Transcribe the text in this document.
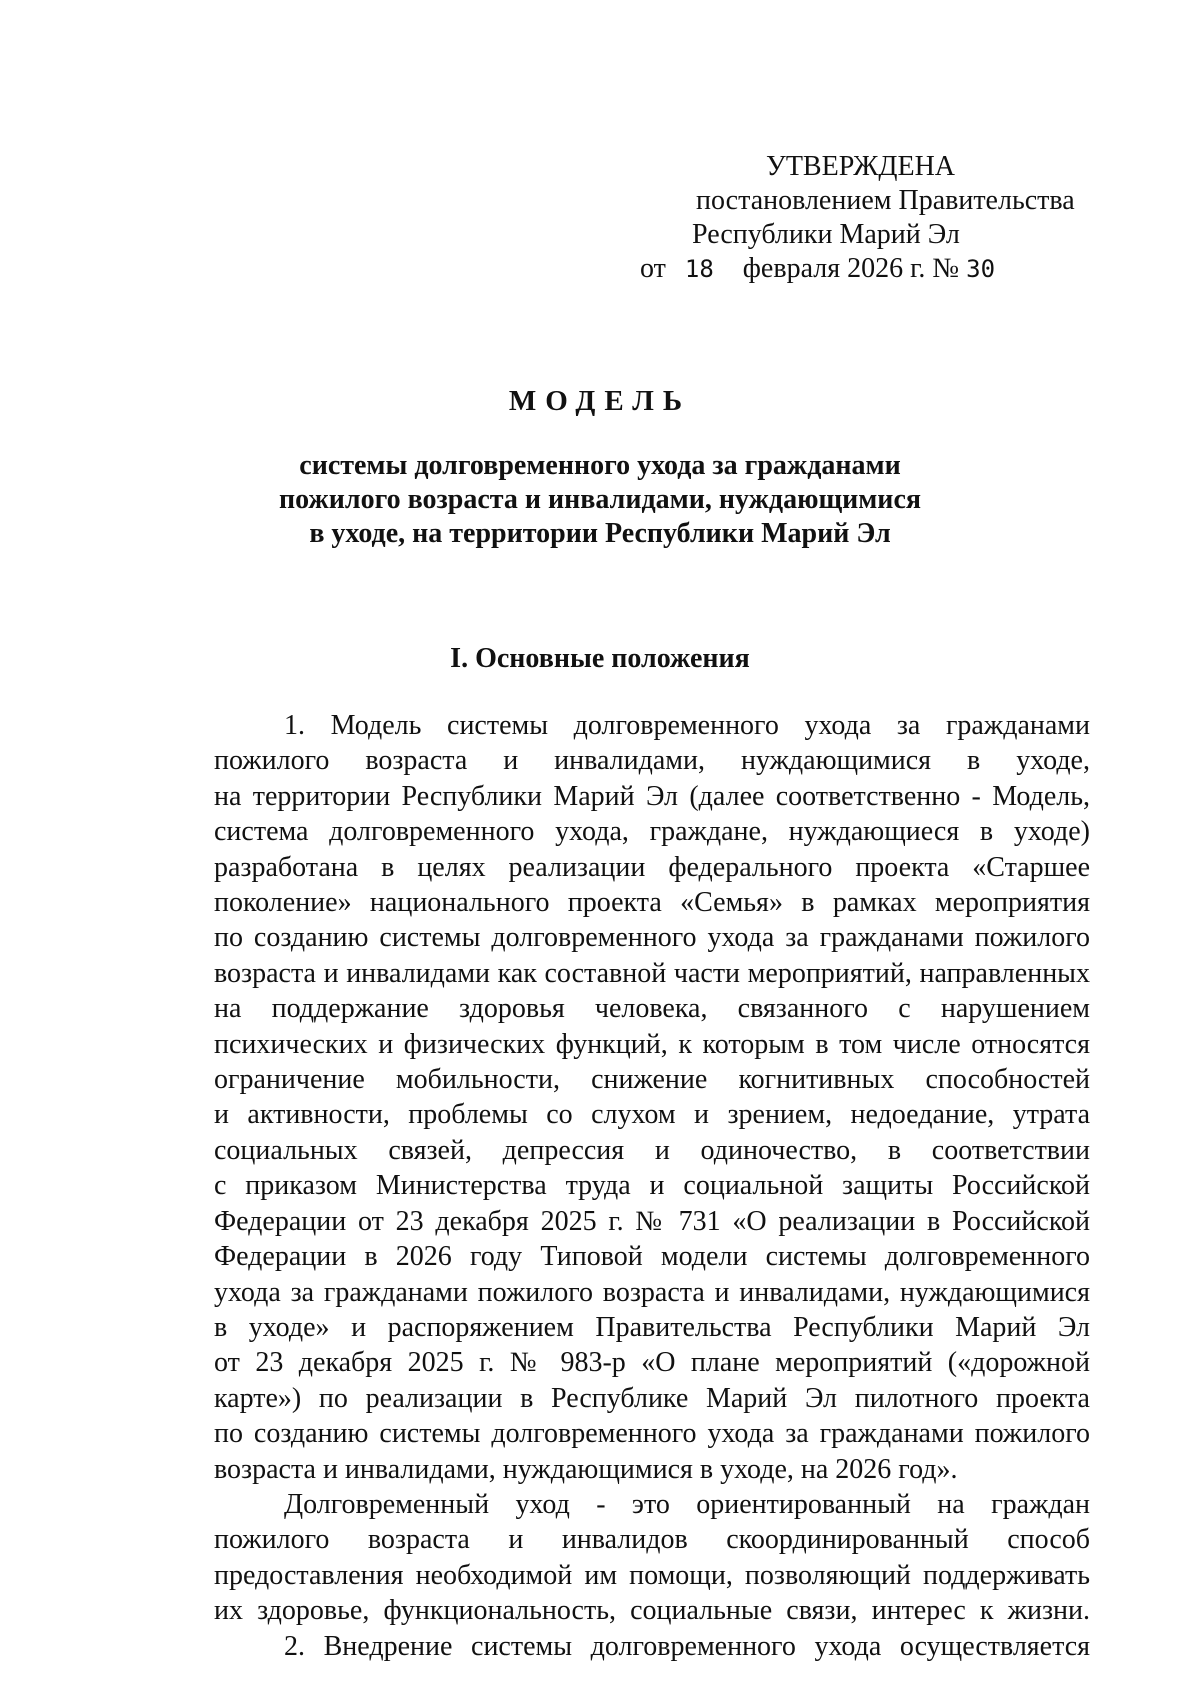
УТВЕРЖДЕНА
постановлением Правительства
Республики Марий Эл
от 18 февраля 2026 г. № 30
МОДЕЛЬ
системы долговременного ухода за гражданами
пожилого возраста и инвалидами, нуждающимися
в уходе, на территории Республики Марий Эл
I. Основные положения

1. Модель системы долговременного ухода за гражданами

пожилого возраста и инвалидами, нуждающимися в уходе,

на территории Республики Марий Эл (далее соответственно - Модель,

система долговременного ухода, граждане, нуждающиеся в уходе)

разработана в целях реализации федерального проекта «Старшее

поколение» национального проекта «Семья» в рамках мероприятия

по созданию системы долговременного ухода за гражданами пожилого

возраста и инвалидами как составной части мероприятий, направленных

на поддержание здоровья человека, связанного с нарушением

психических и физических функций, к которым в том числе относятся

ограничение мобильности, снижение когнитивных способностей

и активности, проблемы со слухом и зрением, недоедание, утрата

социальных связей, депрессия и одиночество, в соответствии

с приказом Министерства труда и социальной защиты Российской

Федерации от 23 декабря 2025 г. № 731 «О реализации в Российской

Федерации в 2026 году Типовой модели системы долговременного

ухода за гражданами пожилого возраста и инвалидами, нуждающимися

в уходе» и распоряжением Правительства Республики Марий Эл

от 23 декабря 2025 г. № 983-р «О плане мероприятий («дорожной

карте») по реализации в Республике Марий Эл пилотного проекта

по созданию системы долговременного ухода за гражданами пожилого

возраста и инвалидами, нуждающимися в уходе, на 2026 год».

Долговременный уход - это ориентированный на граждан

пожилого возраста и инвалидов скоординированный способ

предоставления необходимой им помощи, позволяющий поддерживать

их здоровье, функциональность, социальные связи, интерес к жизни.

2. Внедрение системы долговременного ухода осуществляется
